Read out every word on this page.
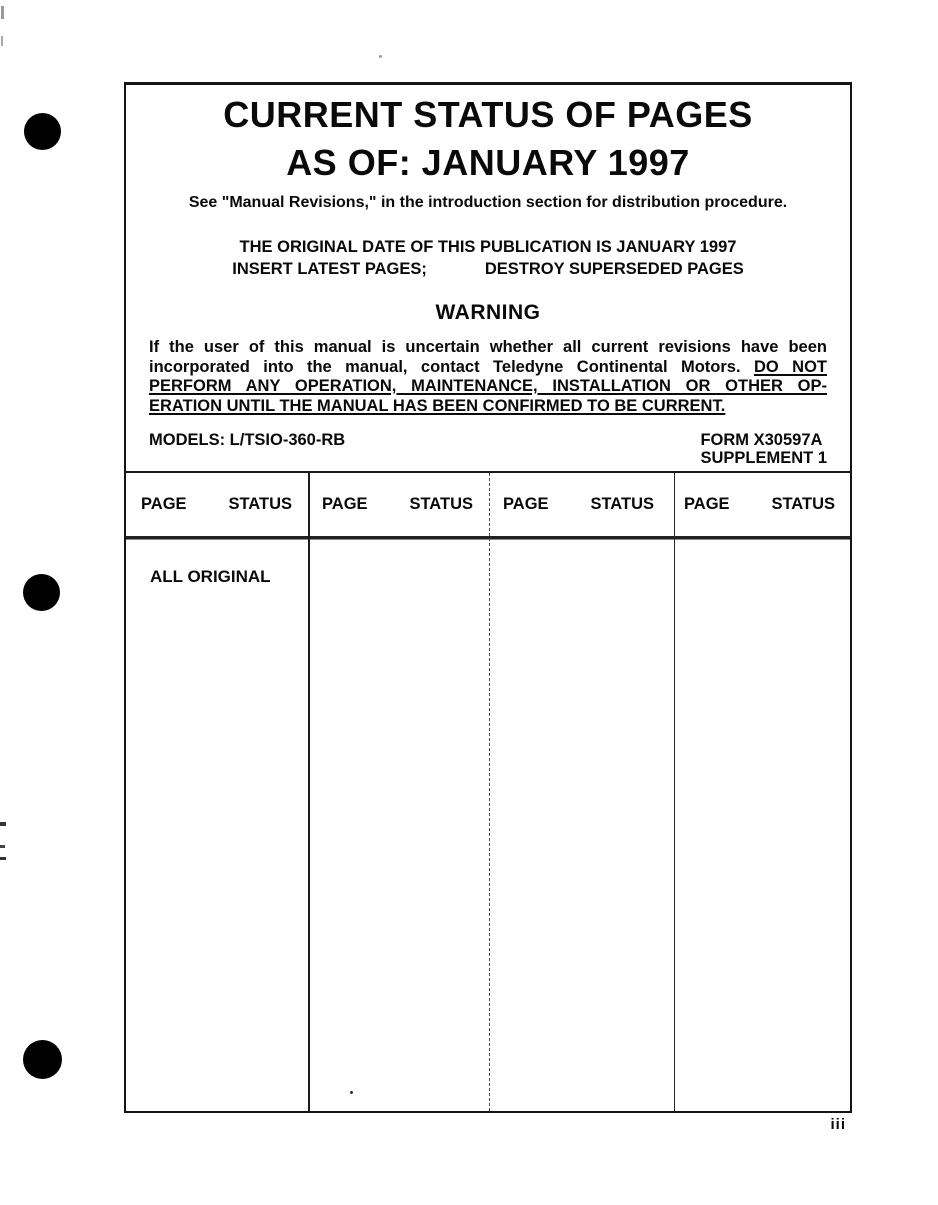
CURRENT STATUS OF PAGES
AS OF: JANUARY 1997
See "Manual Revisions," in the introduction section for distribution procedure.
THE ORIGINAL DATE OF THIS PUBLICATION IS JANUARY 1997
INSERT LATEST PAGES;	DESTROY SUPERSEDED PAGES
WARNING
If the user of this manual is uncertain whether all current revisions have been incorporated into the manual, contact Teledyne Continental Motors. DO NOT PERFORM ANY OPERATION, MAINTENANCE, INSTALLATION OR OTHER OP-ERATION UNTIL THE MANUAL HAS BEEN CONFIRMED TO BE CURRENT.
MODELS: L/TSIO-360-RB	FORM X30597A
SUPPLEMENT 1
PAGE	STATUS PAGE	STATUS PAGE	STATUS PAGE	STATUS
ALL ORIGINAL
iii
